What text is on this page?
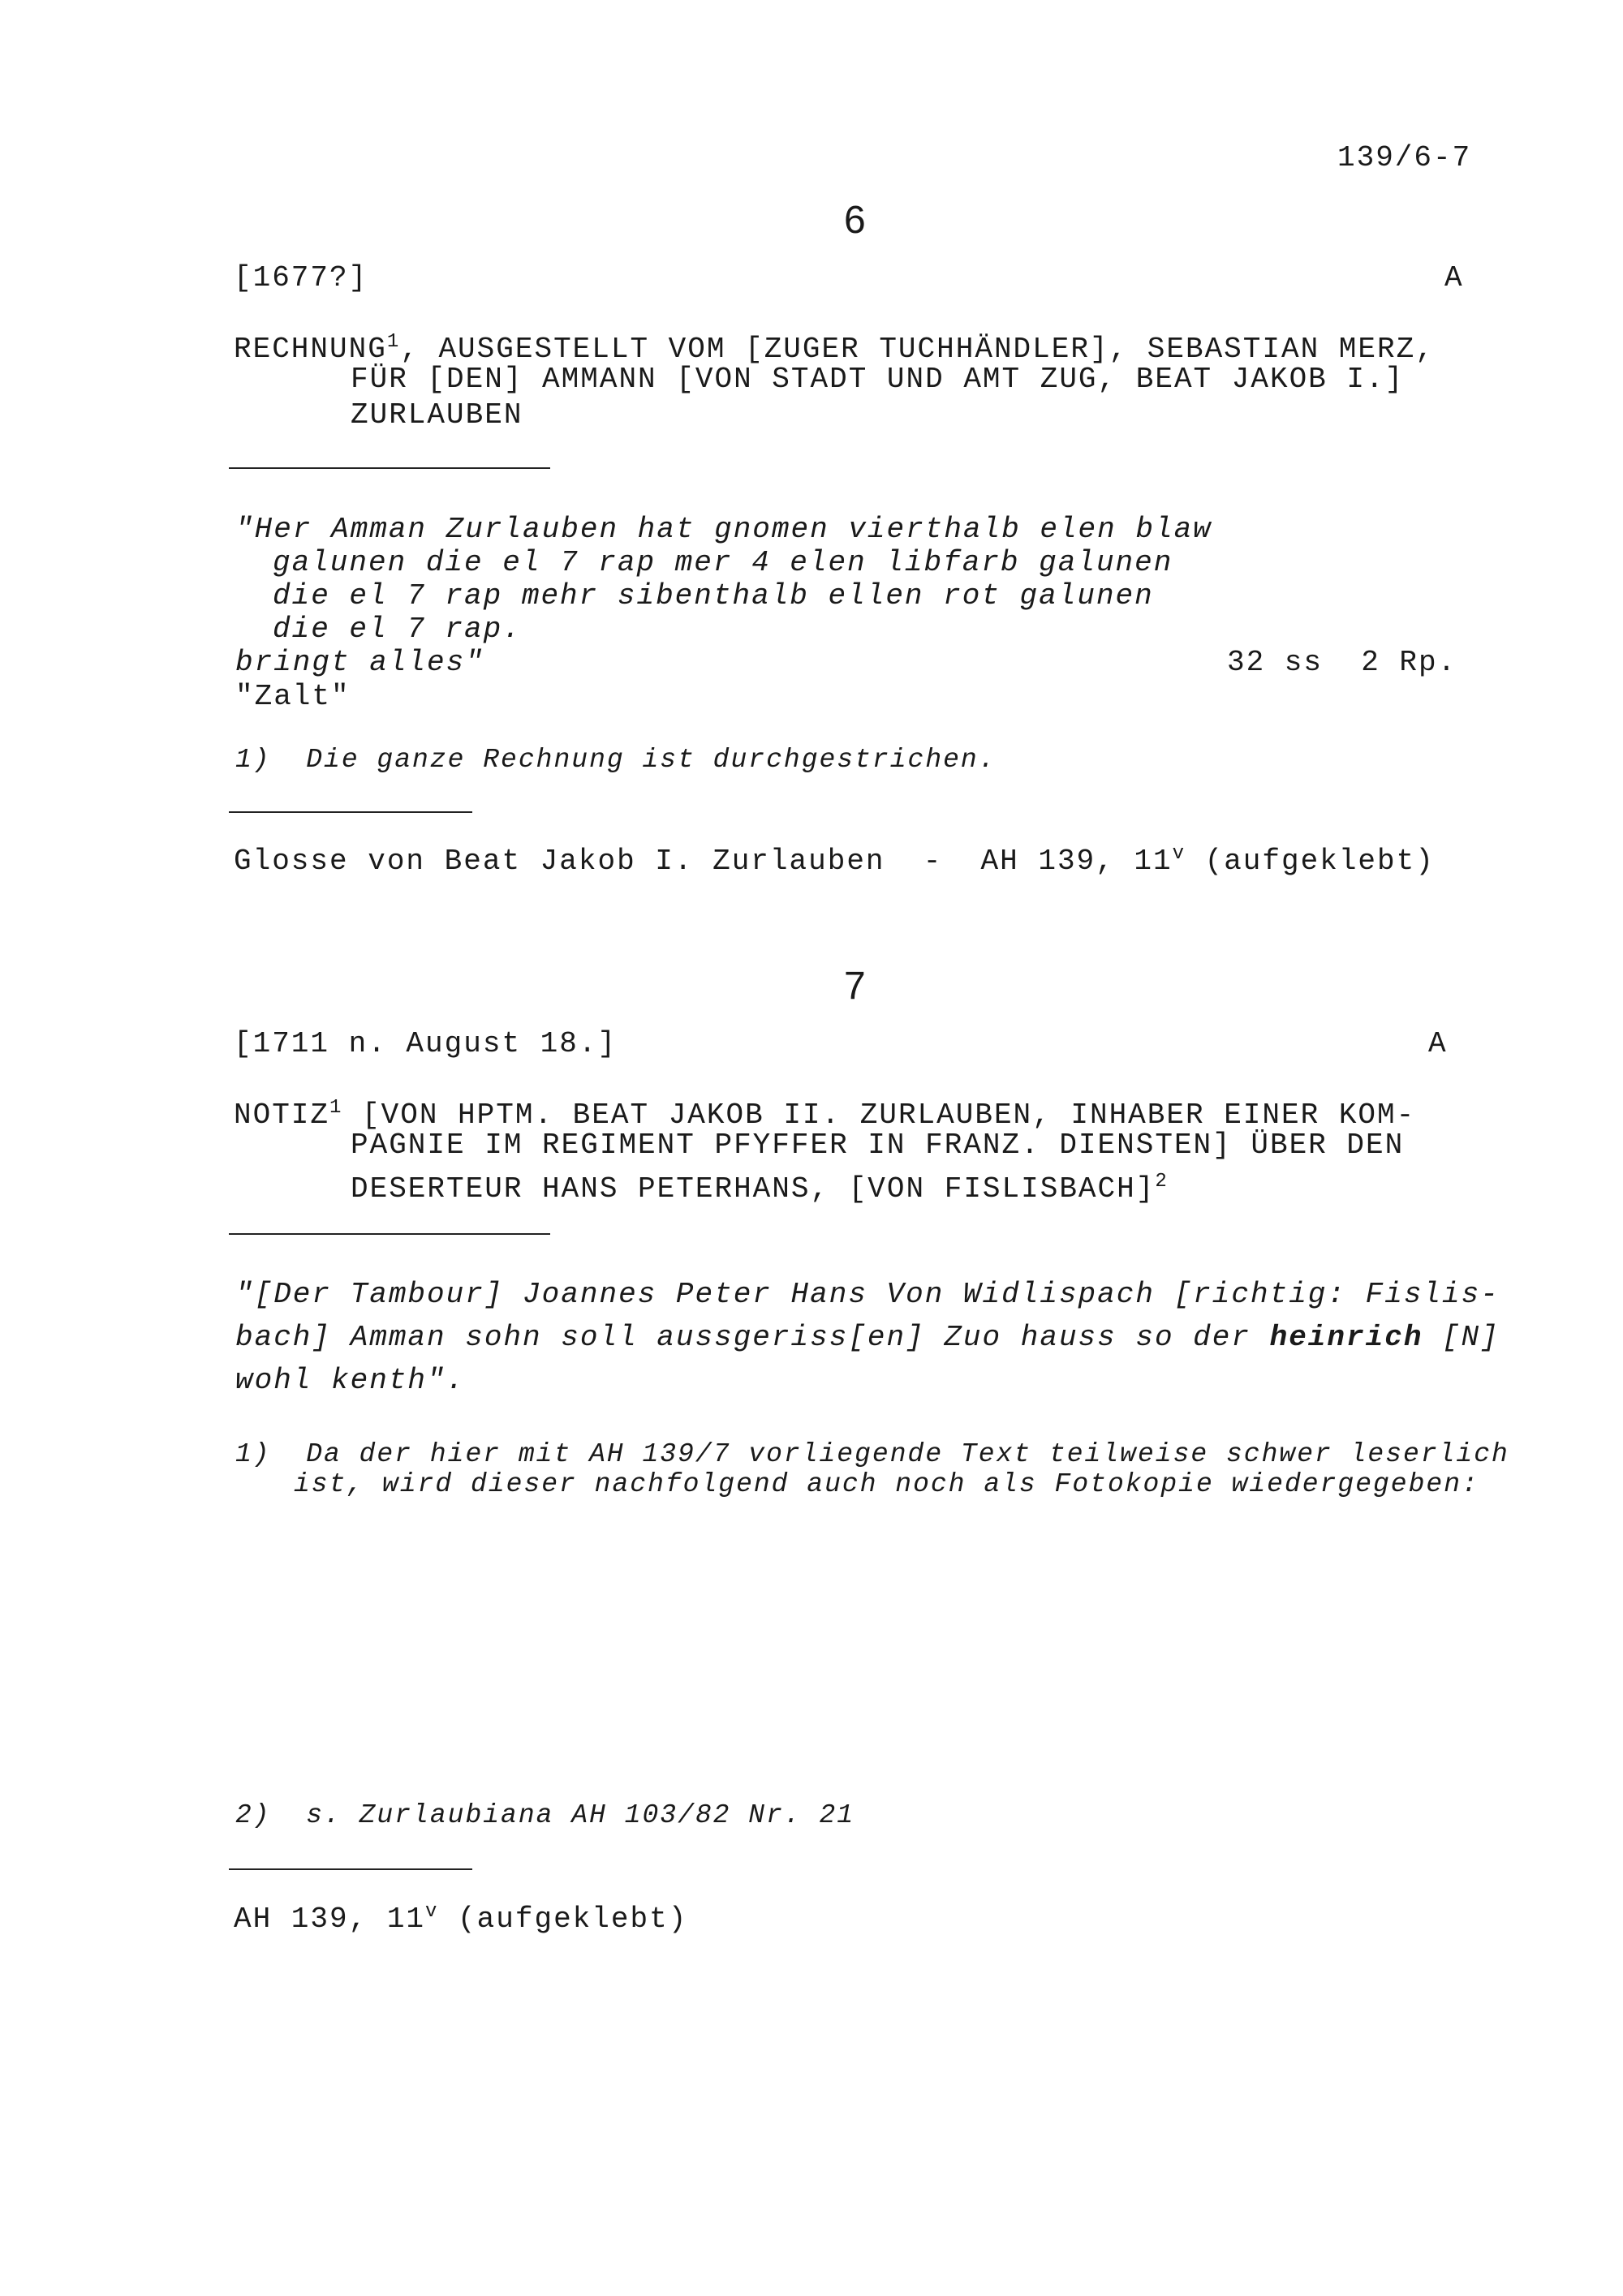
139/6-7
6
[1677?]	A
RECHNUNG$^1$, AUSGESTELLT VOM [ZUGER TUCHHÄNDLER], SEBASTIAN MERZ,
FÜR [DEN] AMMANN [VON STADT UND AMT ZUG, BEAT JAKOB I.]
ZURLAUBEN
"Her Amman Zurlauben hat gnomen vierthalb elen blaw
galunen die el 7 rap mer 4 elen libfarb galunen
die el 7 rap mehr sibenthalb ellen rot galunen
die el 7 rap.
bringt alles"	32 ss  2 Rp.
"Zalt"
1)  Die ganze Rechnung ist durchgestrichen.
Glosse von Beat Jakob I. Zurlauben  -  AH 139, 11$^v$ (aufgeklebt)
7
[1711 n. August 18.]	A
NOTIZ$^1$ [VON HPTM. BEAT JAKOB II. ZURLAUBEN, INHABER EINER KOM-
PAGNIE IM REGIMENT PFYFFER IN FRANZ. DIENSTEN] ÜBER DEN
DESERTEUR HANS PETERHANS, [VON FISLISBACH]$^2$
"[Der Tambour] Joannes Peter Hans Von Widlispach [richtig: Fislis-
bach] Amman sohn soll aussgeriss[en] Zuo hauss so der heinrich [N]
wohl kenth".
1)  Da der hier mit AH 139/7 vorliegende Text teilweise schwer leserlich
ist, wird dieser nachfolgend auch noch als Fotokopie wiedergegeben:
2)  s. Zurlaubiana AH 103/82 Nr. 21
AH 139, 11$^v$ (aufgeklebt)
